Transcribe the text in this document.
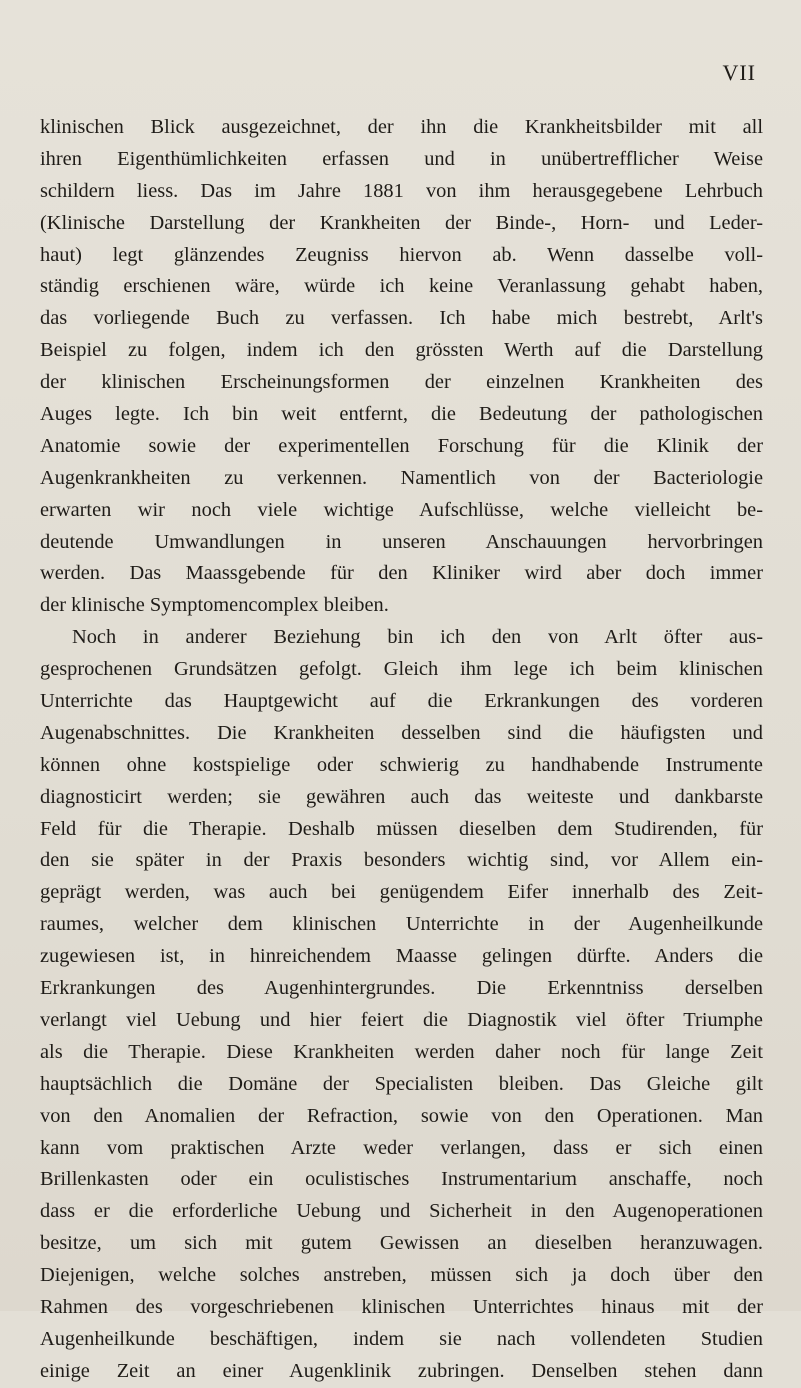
VII
klinischen Blick ausgezeichnet, der ihn die Krankheitsbilder mit all
ihren Eigenthümlichkeiten erfassen und in unübertrefflicher Weise
schildern liess. Das im Jahre 1881 von ihm herausgegebene Lehrbuch
(Klinische Darstellung der Krankheiten der Binde-, Horn- und Leder-
haut) legt glänzendes Zeugniss hiervon ab. Wenn dasselbe voll-
ständig erschienen wäre, würde ich keine Veranlassung gehabt haben,
das vorliegende Buch zu verfassen. Ich habe mich bestrebt, Arlt's
Beispiel zu folgen, indem ich den grössten Werth auf die Darstellung
der klinischen Erscheinungsformen der einzelnen Krankheiten des
Auges legte. Ich bin weit entfernt, die Bedeutung der pathologischen
Anatomie sowie der experimentellen Forschung für die Klinik der
Augenkrankheiten zu verkennen. Namentlich von der Bacteriologie
erwarten wir noch viele wichtige Aufschlüsse, welche vielleicht be-
deutende Umwandlungen in unseren Anschauungen hervorbringen
werden. Das Maassgebende für den Kliniker wird aber doch immer
der klinische Symptomencomplex bleiben.
Noch in anderer Beziehung bin ich den von Arlt öfter aus-
gesprochenen Grundsätzen gefolgt. Gleich ihm lege ich beim klinischen
Unterrichte das Hauptgewicht auf die Erkrankungen des vorderen
Augenabschnittes. Die Krankheiten desselben sind die häufigsten und
können ohne kostspielige oder schwierig zu handhabende Instrumente
diagnosticirt werden; sie gewähren auch das weiteste und dankbarste
Feld für die Therapie. Deshalb müssen dieselben dem Studirenden, für
den sie später in der Praxis besonders wichtig sind, vor Allem ein-
geprägt werden, was auch bei genügendem Eifer innerhalb des Zeit-
raumes, welcher dem klinischen Unterrichte in der Augenheilkunde
zugewiesen ist, in hinreichendem Maasse gelingen dürfte. Anders die
Erkrankungen des Augenhintergrundes. Die Erkenntniss derselben
verlangt viel Uebung und hier feiert die Diagnostik viel öfter Triumphe
als die Therapie. Diese Krankheiten werden daher noch für lange Zeit
hauptsächlich die Domäne der Specialisten bleiben. Das Gleiche gilt
von den Anomalien der Refraction, sowie von den Operationen. Man
kann vom praktischen Arzte weder verlangen, dass er sich einen
Brillenkasten oder ein oculistisches Instrumentarium anschaffe, noch
dass er die erforderliche Uebung und Sicherheit in den Augenoperationen
besitze, um sich mit gutem Gewissen an dieselben heranzuwagen.
Diejenigen, welche solches anstreben, müssen sich ja doch über den
Rahmen des vorgeschriebenen klinischen Unterrichtes hinaus mit der
Augenheilkunde beschäftigen, indem sie nach vollendeten Studien
einige Zeit an einer Augenklinik zubringen. Denselben stehen dann
